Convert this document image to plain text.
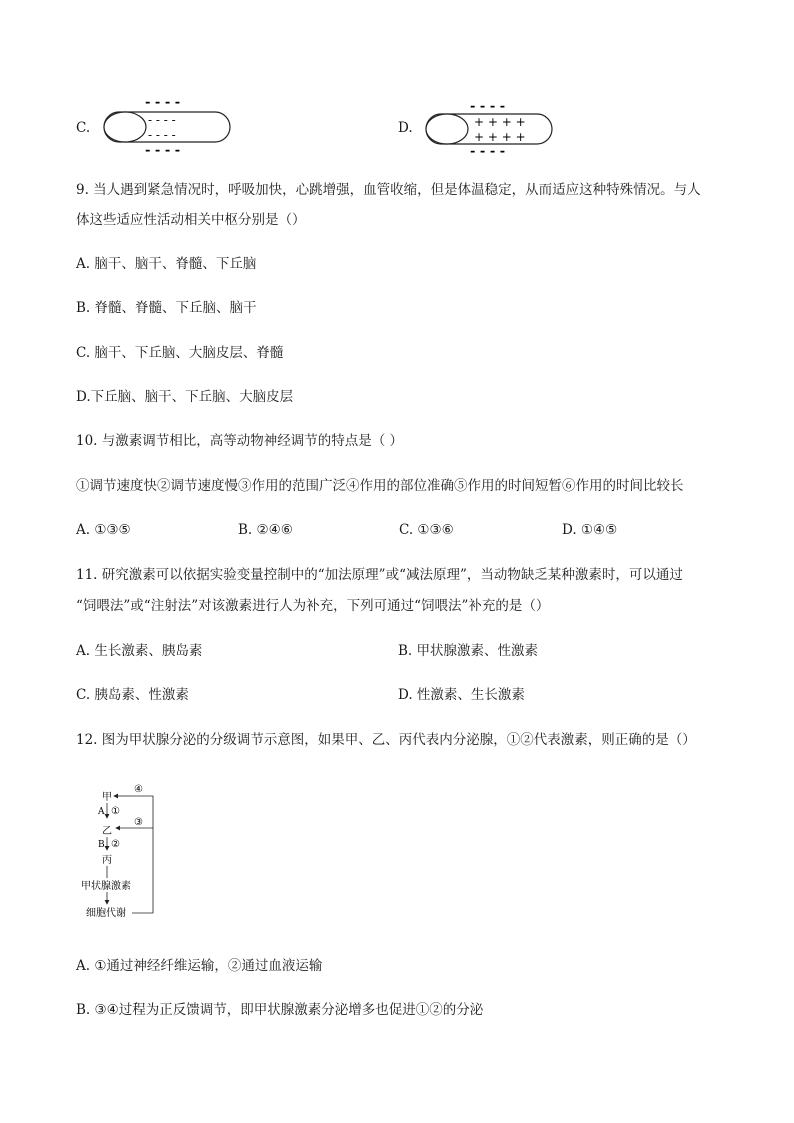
C.
- - - -
- - - -
- - - -
- - - -
D.
- - - -
+ + + +
+ + + +
- - - -
9. 当人遇到紧急情况时，呼吸加快，心跳增强，血管收缩，但是体温稳定，从而适应这种特殊情况。与人
体这些适应性活动相关中枢分别是（）
A. 脑干、脑干、脊髓、下丘脑
B. 脊髓、脊髓、下丘脑、脑干
C. 脑干、下丘脑、大脑皮层、脊髓
D.下丘脑、脑干、下丘脑、大脑皮层
10. 与激素调节相比，高等动物神经调节的特点是（ ）
①调节速度快②调节速度慢③作用的范围广泛④作用的部位准确⑤作用的时间短暂⑥作用的时间比较长
A. ①③⑤	B. ②④⑥	C. ①③⑥	D. ①④⑤
11. 研究激素可以依据实验变量控制中的“加法原理”或“减法原理”，当动物缺乏某种激素时，可以通过
“饲喂法”或“注射法”对该激素进行人为补充，下列可通过“饲喂法”补充的是（）
A. 生长激素、胰岛素	B. 甲状腺激素、性激素
C. 胰岛素、性激素	D. 性激素、生长激素
12. 图为甲状腺分泌的分级调节示意图，如果甲、乙、丙代表内分泌腺，①②代表激素，则正确的是（）
甲
④
A ①
乙
③
B ②
丙
甲状腺激素
细胞代谢
A. ①通过神经纤维运输，②通过血液运输
B. ③④过程为正反馈调节，即甲状腺激素分泌增多也促进①②的分泌
